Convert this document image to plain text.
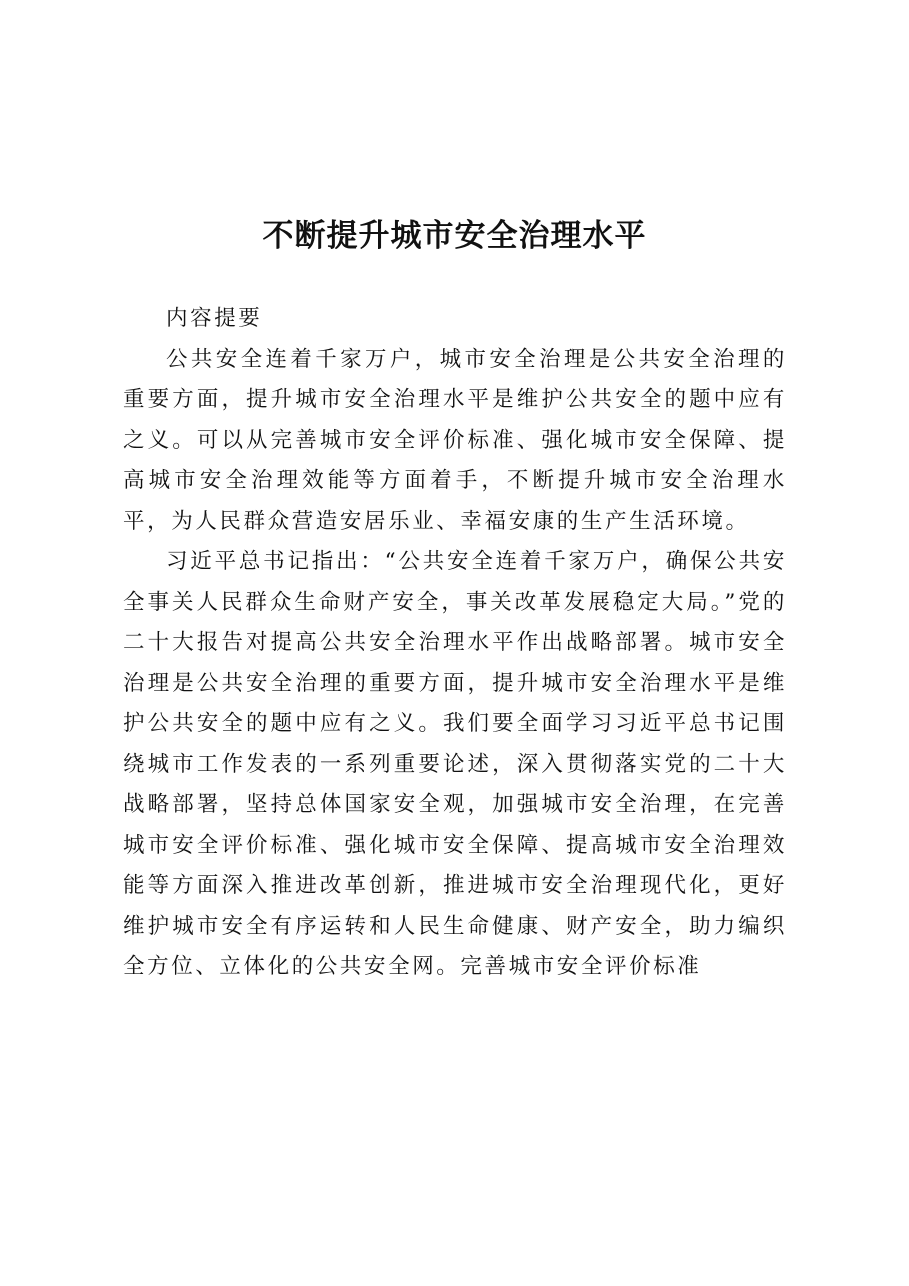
不断提升城市安全治理水平

内容提要

公共安全连着千家万户，城市安全治理是公共安全治理的重要方面，提升城市安全治理水平是维护公共安全的题中应有之义。可以从完善城市安全评价标准、强化城市安全保障、提高城市安全治理效能等方面着手，不断提升城市安全治理水平，为人民群众营造安居乐业、幸福安康的生产生活环境。

习近平总书记指出：“公共安全连着千家万户，确保公共安全事关人民群众生命财产安全，事关改革发展稳定大局。”党的二十大报告对提高公共安全治理水平作出战略部署。城市安全治理是公共安全治理的重要方面，提升城市安全治理水平是维护公共安全的题中应有之义。我们要全面学习习近平总书记围绕城市工作发表的一系列重要论述，深入贯彻落实党的二十大战略部署，坚持总体国家安全观，加强城市安全治理，在完善城市安全评价标准、强化城市安全保障、提高城市安全治理效能等方面深入推进改革创新，推进城市安全治理现代化，更好维护城市安全有序运转和人民生命健康、财产安全，助力编织全方位、立体化的公共安全网。完善城市安全评价标准
